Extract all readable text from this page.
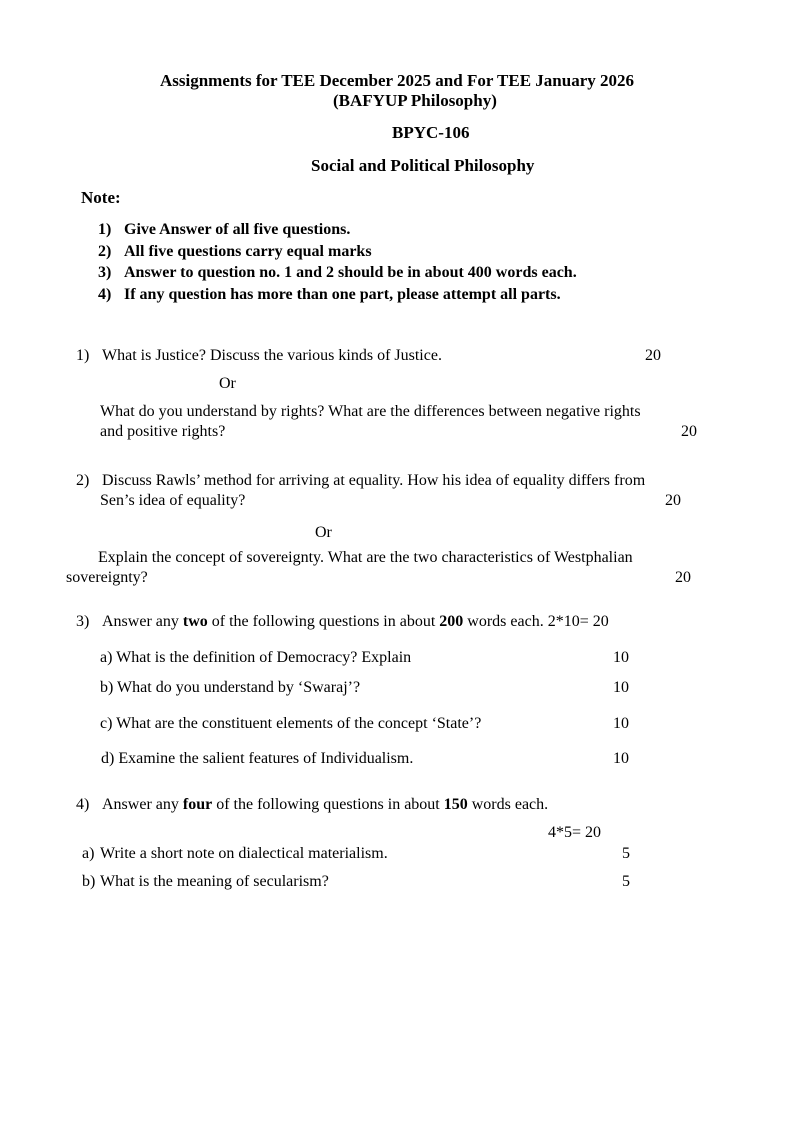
Assignments for TEE December 2025 and For TEE January 2026
(BAFYUP Philosophy)
BPYC-106
Social and Political Philosophy
Note:
1) Give Answer of all five questions.
2) All five questions carry equal marks
3) Answer to question no. 1 and 2 should be in about 400 words each.
4) If any question has more than one part, please attempt all parts.
1) What is Justice? Discuss the various kinds of Justice.	20
Or
What do you understand by rights? What are the differences between negative rights
and positive rights?	20
2) Discuss Rawls’ method for arriving at equality. How his idea of equality differs from
Sen’s idea of equality?	20
Or
Explain the concept of sovereignty. What are the two characteristics of Westphalian
sovereignty?	20
3) Answer any two of the following questions in about 200 words each. 2*10= 20
a) What is the definition of Democracy? Explain	10
b) What do you understand by ‘Swaraj’?	10
c) What are the constituent elements of the concept ‘State’?	10
d) Examine the salient features of Individualism.	10
4) Answer any four of the following questions in about 150 words each.
4*5= 20
a) Write a short note on dialectical materialism.	5
b) What is the meaning of secularism?	5
